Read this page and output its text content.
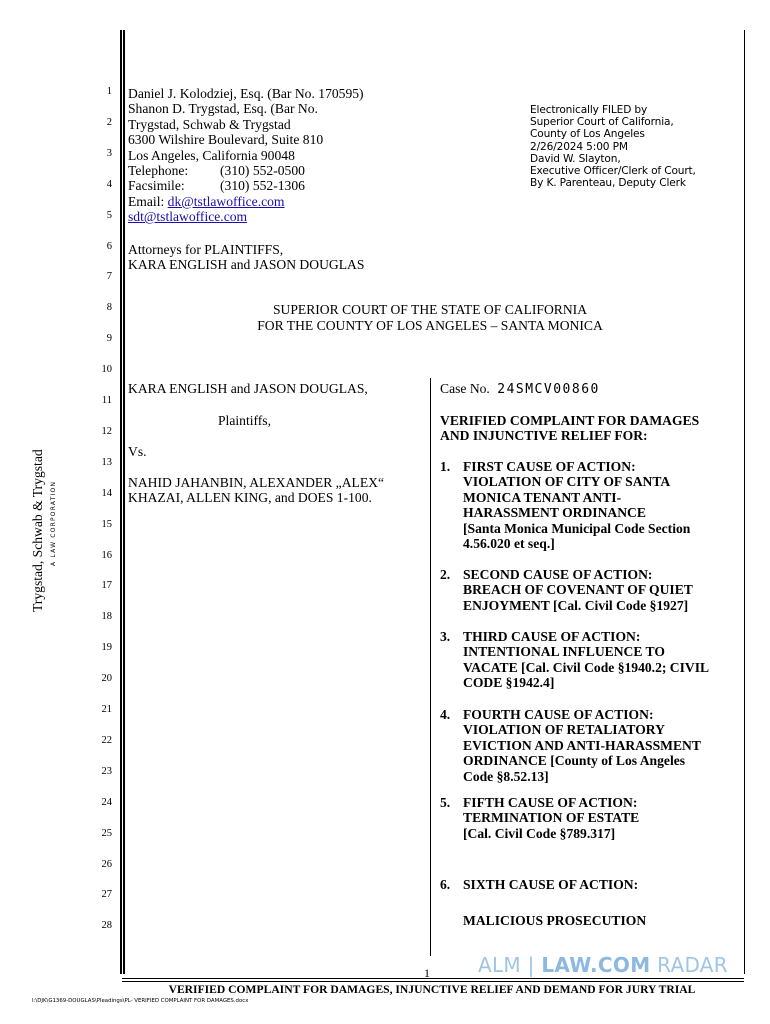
1
2
3
4
5
6
7
8
9
10
11
12
13
14
15
16
17
18
19
20
21
22
23
24
25
26
27
28
Trygstad, Schwab & Trygstad A LAW CORPORATION
Daniel J. Kolodziej, Esq. (Bar No. 170595)
Shanon D. Trygstad, Esq. (Bar No.
Trygstad, Schwab & Trygstad
6300 Wilshire Boulevard, Suite 810
Los Angeles, California 90048
Telephone: (310) 552-0500
Facsimile:	(310) 552-1306
Email: dk@tstlawoffice.com
sdt@tstlawoffice.com
Attorneys for PLAINTIFFS,
KARA ENGLISH and JASON DOUGLAS
Electronically FILED by
Superior Court of California,
County of Los Angeles
2/26/2024 5:00 PM
David W. Slayton,
Executive Officer/Clerk of Court,
By K. Parenteau, Deputy Clerk
SUPERIOR COURT OF THE STATE OF CALIFORNIA
FOR THE COUNTY OF LOS ANGELES – SANTA MONICA
KARA ENGLISH and JASON DOUGLAS,
Plaintiffs,
Vs.
NAHID JAHANBIN, ALEXANDER „ALEX“
KHAZAI, ALLEN KING, and DOES 1-100.
Case No. 24SMCV00860
VERIFIED COMPLAINT FOR DAMAGES
AND INJUNCTIVE RELIEF FOR:
1. FIRST CAUSE OF ACTION:
VIOLATION OF CITY OF SANTA
MONICA TENANT ANTI-
HARASSMENT ORDINANCE
[Santa Monica Municipal Code Section
4.56.020 et seq.]
2. SECOND CAUSE OF ACTION:
BREACH OF COVENANT OF QUIET
ENJOYMENT [Cal. Civil Code §1927]
3. THIRD CAUSE OF ACTION:
INTENTIONAL INFLUENCE TO
VACATE [Cal. Civil Code §1940.2; CIVIL
CODE §1942.4]
4. FOURTH CAUSE OF ACTION:
VIOLATION OF RETALIATORY
EVICTION AND ANTI-HARASSMENT
ORDINANCE [County of Los Angeles
Code §8.52.13]
5. FIFTH CAUSE OF ACTION:
TERMINATION OF ESTATE
[Cal. Civil Code §789.317]
6. SIXTH CAUSE OF ACTION:
MALICIOUS PROSECUTION
ALM | LAW.COM RADAR
1
VERIFIED COMPLAINT FOR DAMAGES, INJUNCTIVE RELIEF AND DEMAND FOR JURY TRIAL
I:\DJK\G1369-DOUGLAS\Pleadings\PL- VERIFIED COMPLAINT FOR DAMAGES.docx
